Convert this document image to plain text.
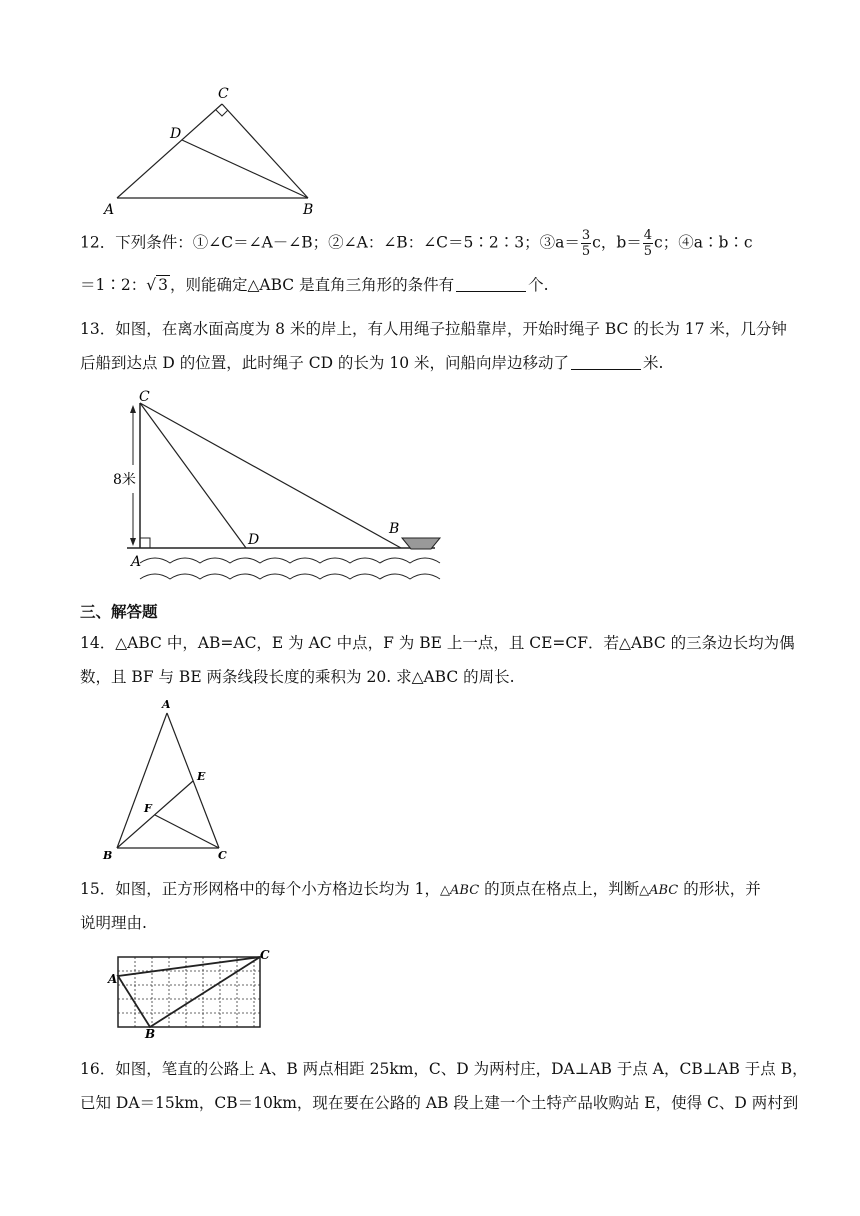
C
D
A	B
12．下列条件：①∠C＝∠A－∠B；②∠A：∠B：∠C＝5∶2∶3；③a＝ $\frac{3}{5}$ c，$b= \frac{4}{5}$ c；④a∶b∶c
＝1∶2：√ 3 ，则能确定△ABC 是直角三角形的条件有	个.
13．如图，在离水面高度为 8 米的岸上，有人用绳子拉船靠岸，开始时绳子 BC 的长为 17 米，几分钟
后船到达点 D 的位置，此时绳子 CD 的长为 10 米，问船向岸边移动了	米.
8米
C
D
A
B
三、解答题
14．△ABC 中，AB=AC，E 为 AC 中点，F 为 BE 上一点，且 CE=CF．若△ABC 的三条边长均为偶
数，且 BF 与 BE 两条线段长度的乘积为 20. 求△ABC 的周长.
A
E
F
B	C
15．如图，正方形网格中的每个小方格边长均为 1，△ABC 的顶点在格点上，判断△ABC 的形状，并
说明理由.
A
C
B
16．如图，笔直的公路上 A、B 两点相距 25km，C、D 为两村庄，DA⊥AB 于点 A，CB⊥AB 于点 B，
已知 DA＝15km，CB＝10km，现在要在公路的 AB 段上建一个土特产品收购站 E，使得 C、D 两村到
